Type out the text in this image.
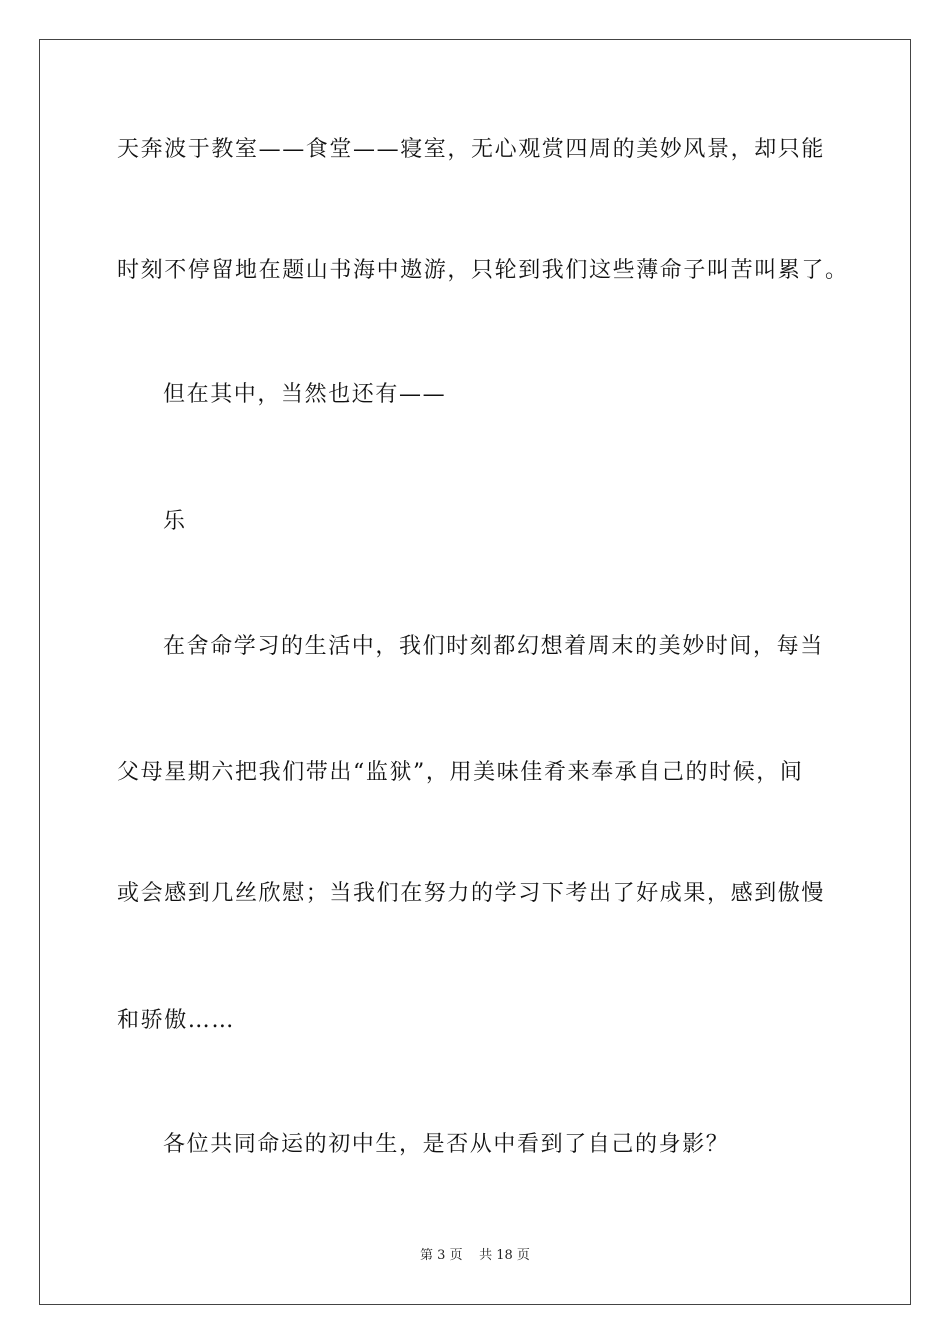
天奔波于教室——食堂——寝室，无心观赏四周的美妙风景，却只能
时刻不停留地在题山书海中遨游，只轮到我们这些薄命子叫苦叫累了。
但在其中，当然也还有——
乐
在舍命学习的生活中，我们时刻都幻想着周末的美妙时间，每当
父母星期六把我们带出“监狱”，用美味佳肴来奉承自己的时候，间
或会感到几丝欣慰；当我们在努力的学习下考出了好成果，感到傲慢
和骄傲……
各位共同命运的初中生，是否从中看到了自己的身影？
第 3 页 共 18 页
